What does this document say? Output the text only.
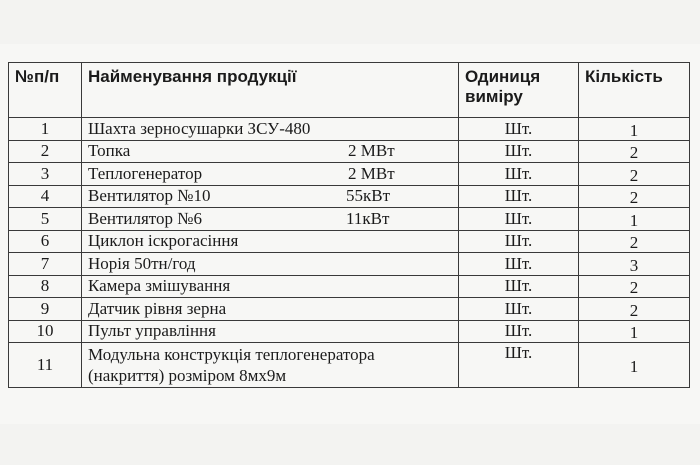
№п/п	Найменування продукції	Одиниця виміру	Кількість
1	Шахта зерносушарки ЗСУ-480	Шт.	1
2	Топка 2 МВт	Шт.	2
3	Теплогенератор 2 МВт	Шт.	2
4	Вентилятор №10 55кВт	Шт.	2
5	Вентилятор №6 11кВт	Шт.	1
6	Циклон іскрогасіння	Шт.	2
7	Норія 50тн/год	Шт.	3
8	Камера змішування	Шт.	2
9	Датчик рівня зерна	Шт.	2
10	Пульт управління	Шт.	1
11	Модульна конструкція теплогенератора (накриття) розміром 8мх9м	Шт.	1
